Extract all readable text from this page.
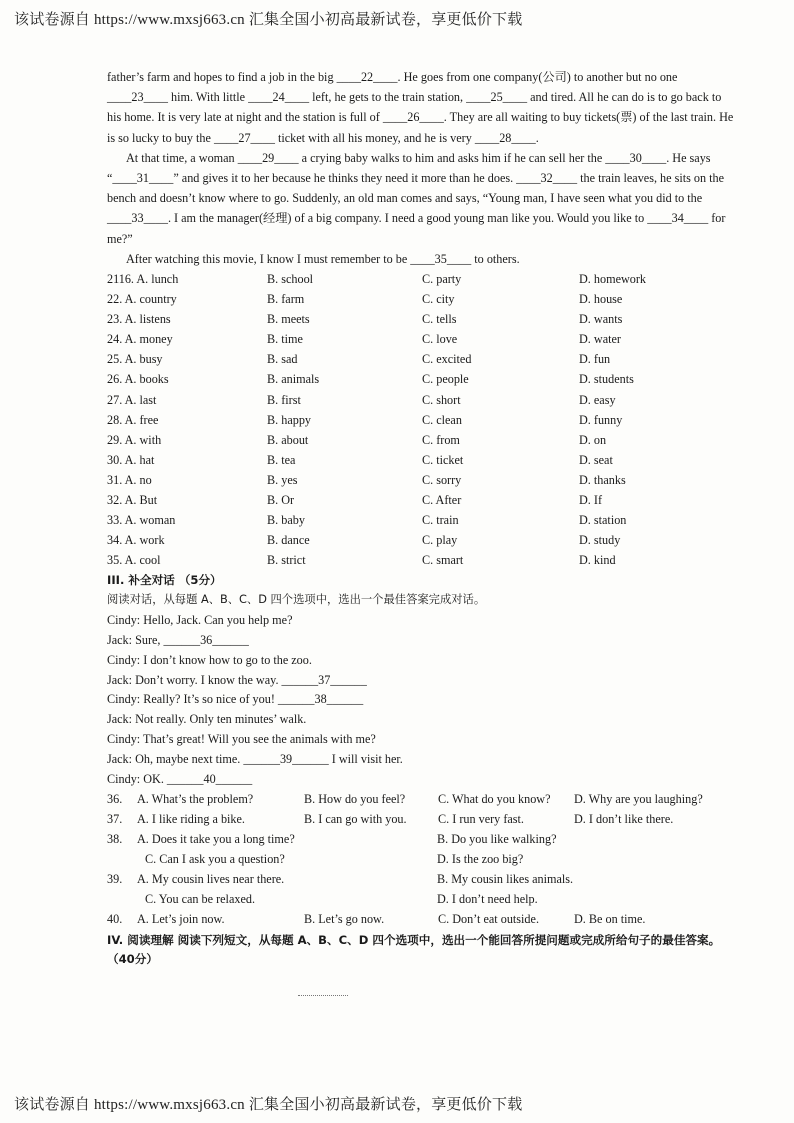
该试卷源自 https://www.mxsj663.cn 汇集全国小初高最新试卷，享更低价下载

father’s farm and hopes to find a job in the big ____22____. He goes from one company(公司) to another but no one ____23____ him. With little ____24____ left, he gets to the train station, ____25____ and tired. All he can do is to go back to his home. It is very late at night and the station is full of ____26____. They are all waiting to buy tickets(票) of the last train. He is so lucky to buy the ____27____ ticket with all his money, and he is very ____28____.

At that time, a woman ____29____ a crying baby walks to him and asks him if he can sell her the ____30____. He says “____31____” and gives it to her because he thinks they need it more than he does. ____32____ the train leaves, he sits on the bench and doesn’t know where to go. Suddenly, an old man comes and says, “Young man, I have seen what you did to the ____33____. I am the manager(经理) of a big company. I need a good young man like you. Would you like to ____34____ for me?”

After watching this movie, I know I must remember to be ____35____ to others.

2116. A. lunch	B. school	C. party	D. homework
22. A. country	B. farm	C. city	D. house
23. A. listens	B. meets	C. tells	D. wants
24. A. money	B. time	C. love	D. water
25. A. busy	B. sad	C. excited	D. fun
26. A. books	B. animals	C. people	D. students
27. A. last	B. first	C. short	D. easy
28. A. free	B. happy	C. clean	D. funny
29. A. with	B. about	C. from	D. on
30. A. hat	B. tea	C. ticket	D. seat
31. A. no	B. yes	C. sorry	D. thanks
32. A. But	B. Or	C. After	D. If
33. A. woman	B. baby	C. train	D. station
34. A. work	B. dance	C. play	D. study
35. A. cool	B. strict	C. smart	D. kind
III. 补全对话 （5分）
阅读对话，从每题 A、B、C、D 四个选项中，选出一个最佳答案完成对话。
Cindy: Hello, Jack. Can you help me?
Jack: Sure, ______36______
Cindy: I don’t know how to go to the zoo.
Jack: Don’t worry. I know the way. ______37______
Cindy: Really? It’s so nice of you! ______38______
Jack: Not really. Only ten minutes’ walk.
Cindy: That’s great! Will you see the animals with me?
Jack: Oh, maybe next time. ______39______ I will visit her.
Cindy: OK. ______40______
36.	A. What’s the problem?	B. How do you feel?	C. What do you know?	D. Why are you laughing?
37.	A. I like riding a bike.	B. I can go with you.	C. I run very fast.	D. I don’t like there.
38.	A. Does it take you a long time?	B. Do you like walking?
C. Can I ask you a question?	D. Is the zoo big?
39.	A. My cousin lives near there.	B. My cousin likes animals.
C. You can be relaxed.	D. I don’t need help.
40.	A. Let’s join now.	B. Let’s go now.	C. Don’t eat outside.	D. Be on time.
IV. 阅读理解 阅读下列短文，从每题 A、B、C、D 四个选项中，选出一个能回答所提问题或完成所给句子的最佳答案。（40分）
该试卷源自 https://www.mxsj663.cn 汇集全国小初高最新试卷，享更低价下载
